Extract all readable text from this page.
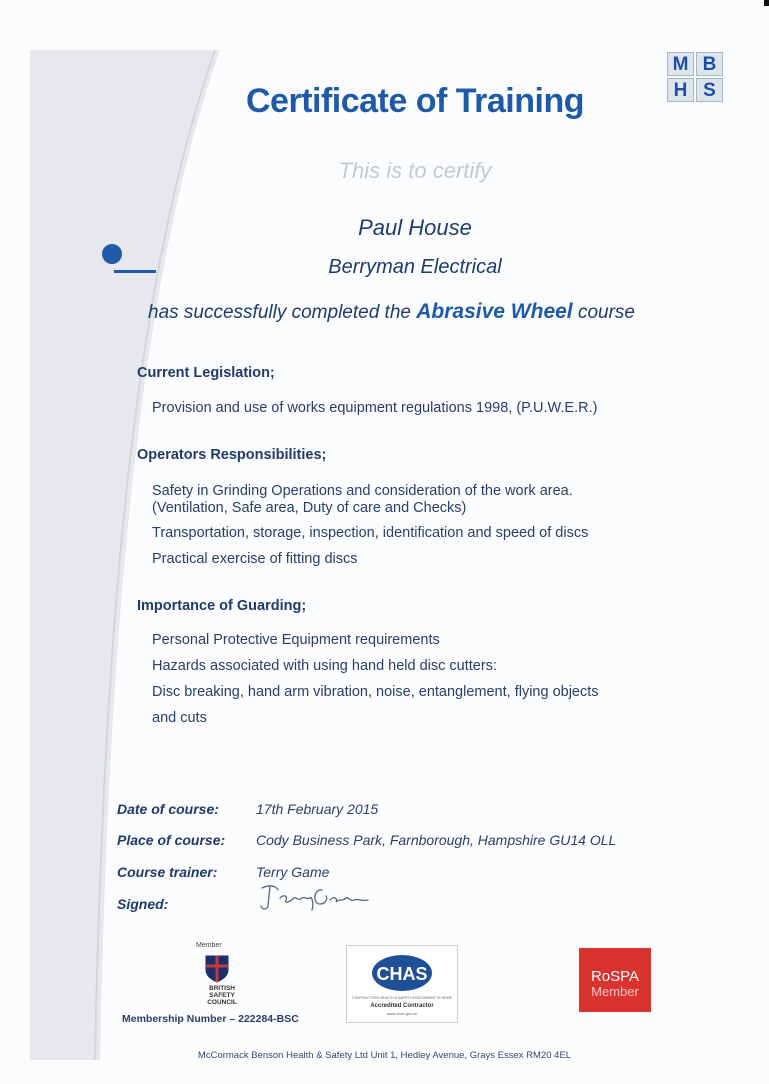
M B
H S
Certificate of Training
This is to certify
Paul House
Berryman Electrical
has successfully completed the Abrasive Wheel course
Current Legislation;
Provision and use of works equipment regulations 1998, (P.U.W.E.R.)
Operators Responsibilities;
Safety in Grinding Operations and consideration of the work area.
(Ventilation, Safe area, Duty of care and Checks)
Transportation, storage, inspection, identification and speed of discs
Practical exercise of fitting discs
Importance of Guarding;
Personal Protective Equipment requirements
Hazards associated with using hand held disc cutters:
Disc breaking, hand arm vibration, noise, entanglement, flying objects
and cuts
Date of course:	17th February 2015
Place of course: Cody Business Park, Farnborough, Hampshire GU14 OLL
Course trainer:	Terry Game
Signed:
Member
BRITISH SAFETY COUNCIL
Membership Number – 222284-BSC
CHAS
CONTRACTORS HEALTH & SAFETY ASSESSMENT SCHEME
Accredited Contractor
www.chas.gov.uk
RoSPA
Member
McCormack Benson Health & Safety Ltd Unit 1, Hedley Avenue, Grays Essex RM20 4EL
